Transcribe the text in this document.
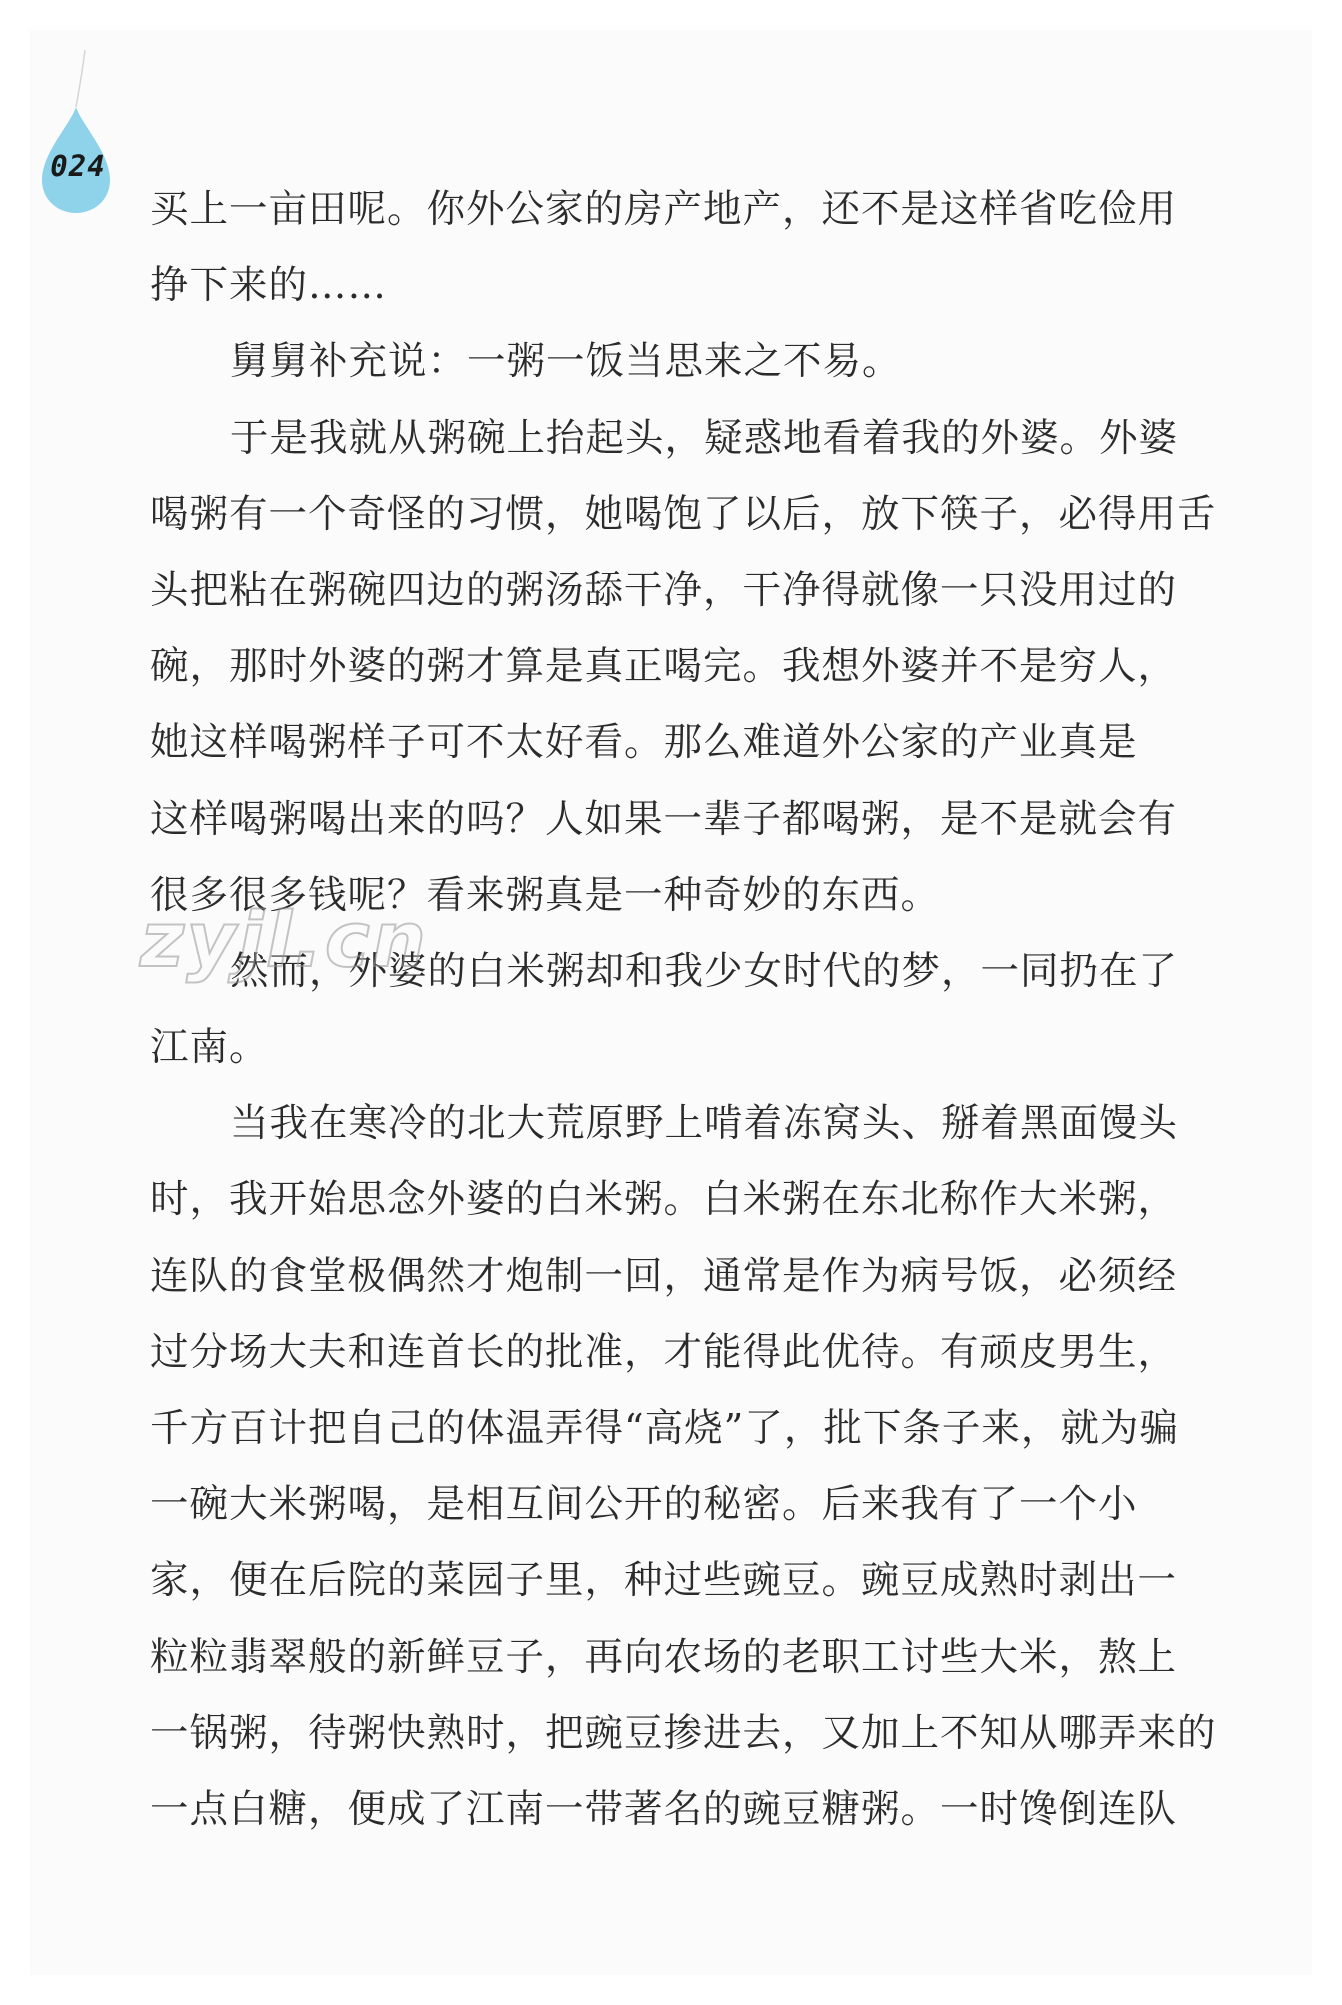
024
买上一亩田呢。你外公家的房产地产，还不是这样省吃俭用
挣下来的……
舅舅补充说：一粥一饭当思来之不易。
于是我就从粥碗上抬起头，疑惑地看着我的外婆。外婆
喝粥有一个奇怪的习惯，她喝饱了以后，放下筷子，必得用舌
头把粘在粥碗四边的粥汤舔干净，干净得就像一只没用过的
碗，那时外婆的粥才算是真正喝完。我想外婆并不是穷人，
她这样喝粥样子可不太好看。那么难道外公家的产业真是
这样喝粥喝出来的吗？人如果一辈子都喝粥，是不是就会有
很多很多钱呢？看来粥真是一种奇妙的东西。
然而，外婆的白米粥却和我少女时代的梦，一同扔在了
江南。
当我在寒冷的北大荒原野上啃着冻窝头、掰着黑面馒头
时，我开始思念外婆的白米粥。白米粥在东北称作大米粥，
连队的食堂极偶然才炮制一回，通常是作为病号饭，必须经
过分场大夫和连首长的批准，才能得此优待。有顽皮男生，
千方百计把自己的体温弄得“高烧”了，批下条子来，就为骗
一碗大米粥喝，是相互间公开的秘密。后来我有了一个小
家，便在后院的菜园子里，种过些豌豆。豌豆成熟时剥出一
粒粒翡翠般的新鲜豆子，再向农场的老职工讨些大米，熬上
一锅粥，待粥快熟时，把豌豆掺进去，又加上不知从哪弄来的
一点白糖，便成了江南一带著名的豌豆糖粥。一时馋倒连队
